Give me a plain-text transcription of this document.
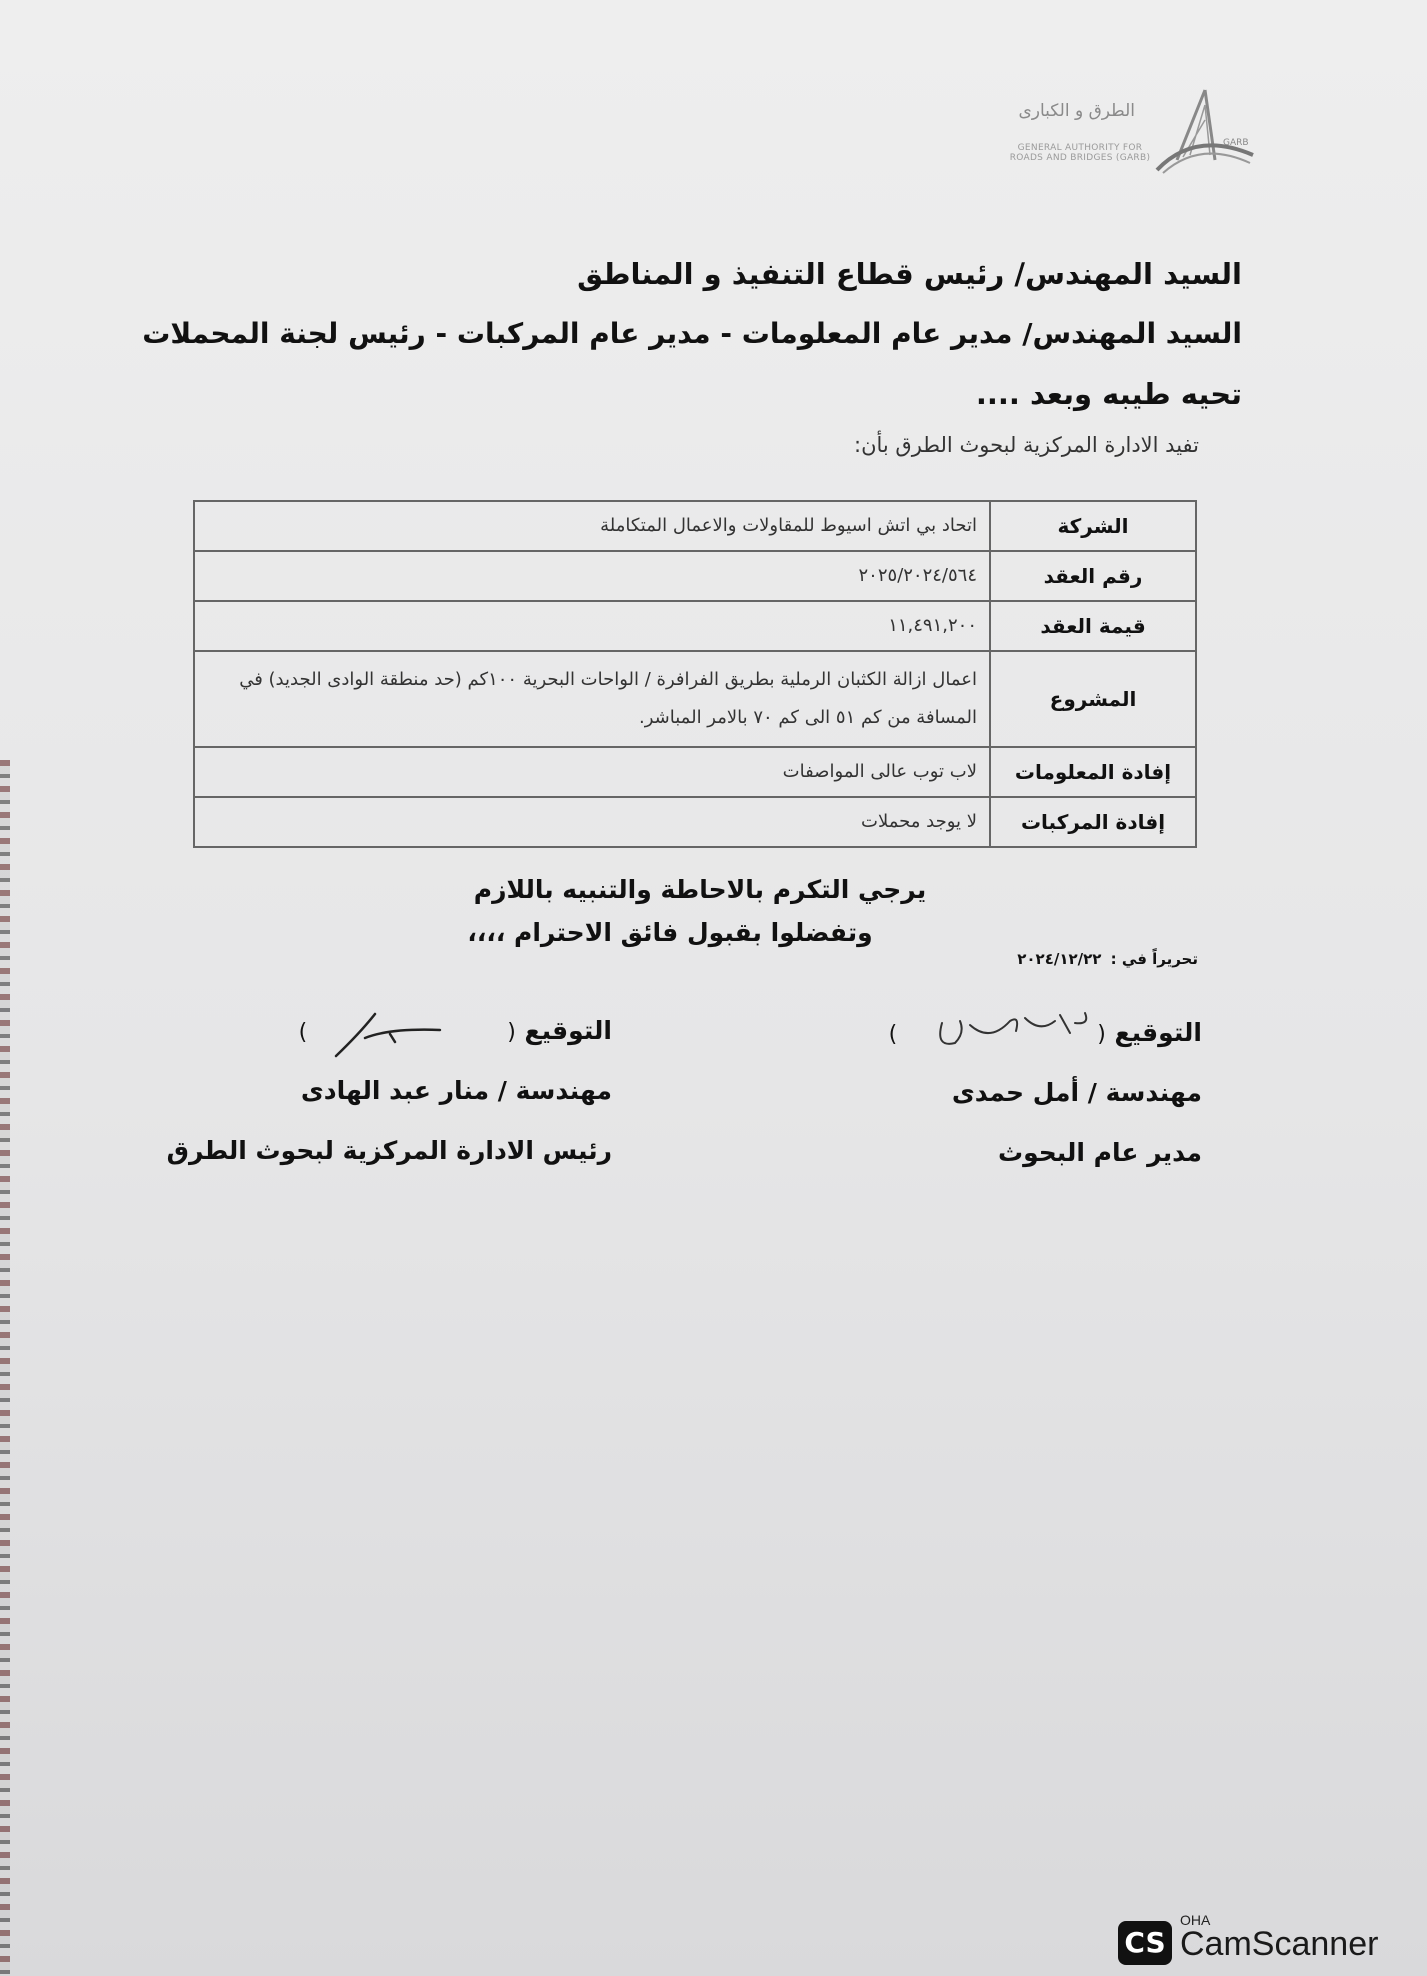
الطرق و الكبارى
GENERAL AUTHORITY FOR ROADS AND BRIDGES (GARB)
GARB
السيد المهندس/ رئيس قطاع التنفيذ و المناطق
السيد المهندس/ مدير عام المعلومات - مدير عام المركبات - رئيس لجنة المحملات
تحيه طيبه وبعد ....
تفيد الادارة المركزية لبحوث الطرق بأن:
الشركة	اتحاد بي اتش اسيوط للمقاولات والاعمال المتكاملة
رقم العقد	٢٠٢٥/٢٠٢٤/٥٦٤
قيمة العقد	١١,٤٩١,٢٠٠
المشروع	اعمال ازالة الكثبان الرملية بطريق الفرافرة / الواحات البحرية ١٠٠كم (حد منطقة الوادى الجديد) في المسافة من كم ٥١ الى كم ٧٠ بالامر المباشر.
إفادة المعلومات	لاب توب عالى المواصفات
إفادة المركبات	لا يوجد محملات
يرجي التكرم بالاحاطة والتنبيه باللازم
وتفضلوا بقبول فائق الاحترام ،،،،
تحريراً في : ٢٠٢٤/١٢/٢٢
التوقيع ()
مهندسة / أمل حمدى
مدير عام البحوث
التوقيع ()
مهندسة / منار عبد الهادى
رئيس الادارة المركزية لبحوث الطرق
CS
OHA
CamScanner
